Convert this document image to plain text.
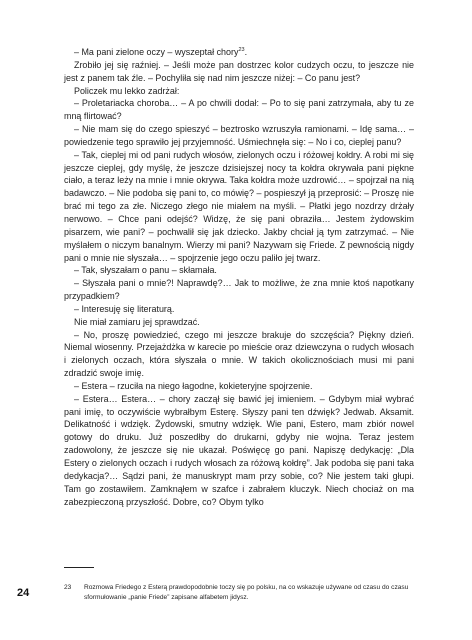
– Ma pani zielone oczy – wyszeptał chory$^{23}$.

Zrobiło jej się raźniej. – Jeśli może pan dostrzec kolor cudzych oczu, to jeszcze nie jest z panem tak źle. – Pochyliła się nad nim jeszcze niżej: – Co panu jest?

Policzek mu lekko zadrżał:

– Proletariacka choroba… – A po chwili dodał: – Po to się pani zatrzymała, aby tu ze mną flirtować?

– Nie mam się do czego spieszyć – beztrosko wzruszyła ramionami. – Idę sama… – powiedzenie tego sprawiło jej przyjemność. Uśmiechnęła się: – No i co, cieplej panu?

– Tak, cieplej mi od pani rudych włosów, zielonych oczu i różowej kołdry. A robi mi się jeszcze cieplej, gdy myślę, że jeszcze dzisiejszej nocy ta kołdra okrywała pani piękne ciało, a teraz leży na mnie i mnie okrywa. Taka kołdra może uzdrowić… – spojrzał na nią badawczo. – Nie podoba się pani to, co mówię? – pospieszył ją przeprosić: – Proszę nie brać mi tego za złe. Niczego złego nie miałem na myśli. – Płatki jego nozdrzy drżały nerwowo. – Chce pani odejść? Widzę, że się pani obraziła… Jestem żydowskim pisarzem, wie pani? – pochwalił się jak dziecko. Jakby chciał ją tym zatrzymać. – Nie myślałem o niczym banalnym. Wierzy mi pani? Nazywam się Friede. Z pewnością nigdy pani o mnie nie słyszała… – spojrzenie jego oczu paliło jej twarz.

– Tak, słyszałam o panu – skłamała.

– Słyszała pani o mnie?! Naprawdę?… Jak to możliwe, że zna mnie ktoś napotkany przypadkiem?

– Interesuję się literaturą.

Nie miał zamiaru jej sprawdzać.

– No, proszę powiedzieć, czego mi jeszcze brakuje do szczęścia? Piękny dzień. Niemal wiosenny. Przejażdżka w karecie po mieście oraz dziewczyna o rudych włosach i zielonych oczach, która słyszała o mnie. W takich okolicznościach musi mi pani zdradzić swoje imię.

– Estera – rzuciła na niego łagodne, kokieteryjne spojrzenie.

– Estera… Estera… – chory zaczął się bawić jej imieniem. – Gdybym miał wybrać pani imię, to oczywiście wybrałbym Esterę. Słyszy pani ten dźwięk? Jedwab. Aksamit. Delikatność i wdzięk. Żydowski, smutny wdzięk. Wie pani, Estero, mam zbiór nowel gotowy do druku. Już poszedłby do drukarni, gdyby nie wojna. Teraz jestem zadowolony, że jeszcze się nie ukazał. Poświęcę go pani. Napiszę dedykację: „Dla Estery o zielonych oczach i rudych włosach za różową kołdrę”. Jak podoba się pani taka dedykacja?… Sądzi pani, że manuskrypt mam przy sobie, co? Nie jestem taki głupi. Tam go zostawiłem. Zamknąłem w szafce i zabrałem kluczyk. Niech chociaż on ma zabezpieczoną przyszłość. Dobre, co? Obym tylko

23	Rozmowa Friedego z Esterą prawdopodobnie toczy się po polsku, na co wskazuje używane od czasu do czasu sformułowanie „panie Friede” zapisane alfabetem jidysz.
24
